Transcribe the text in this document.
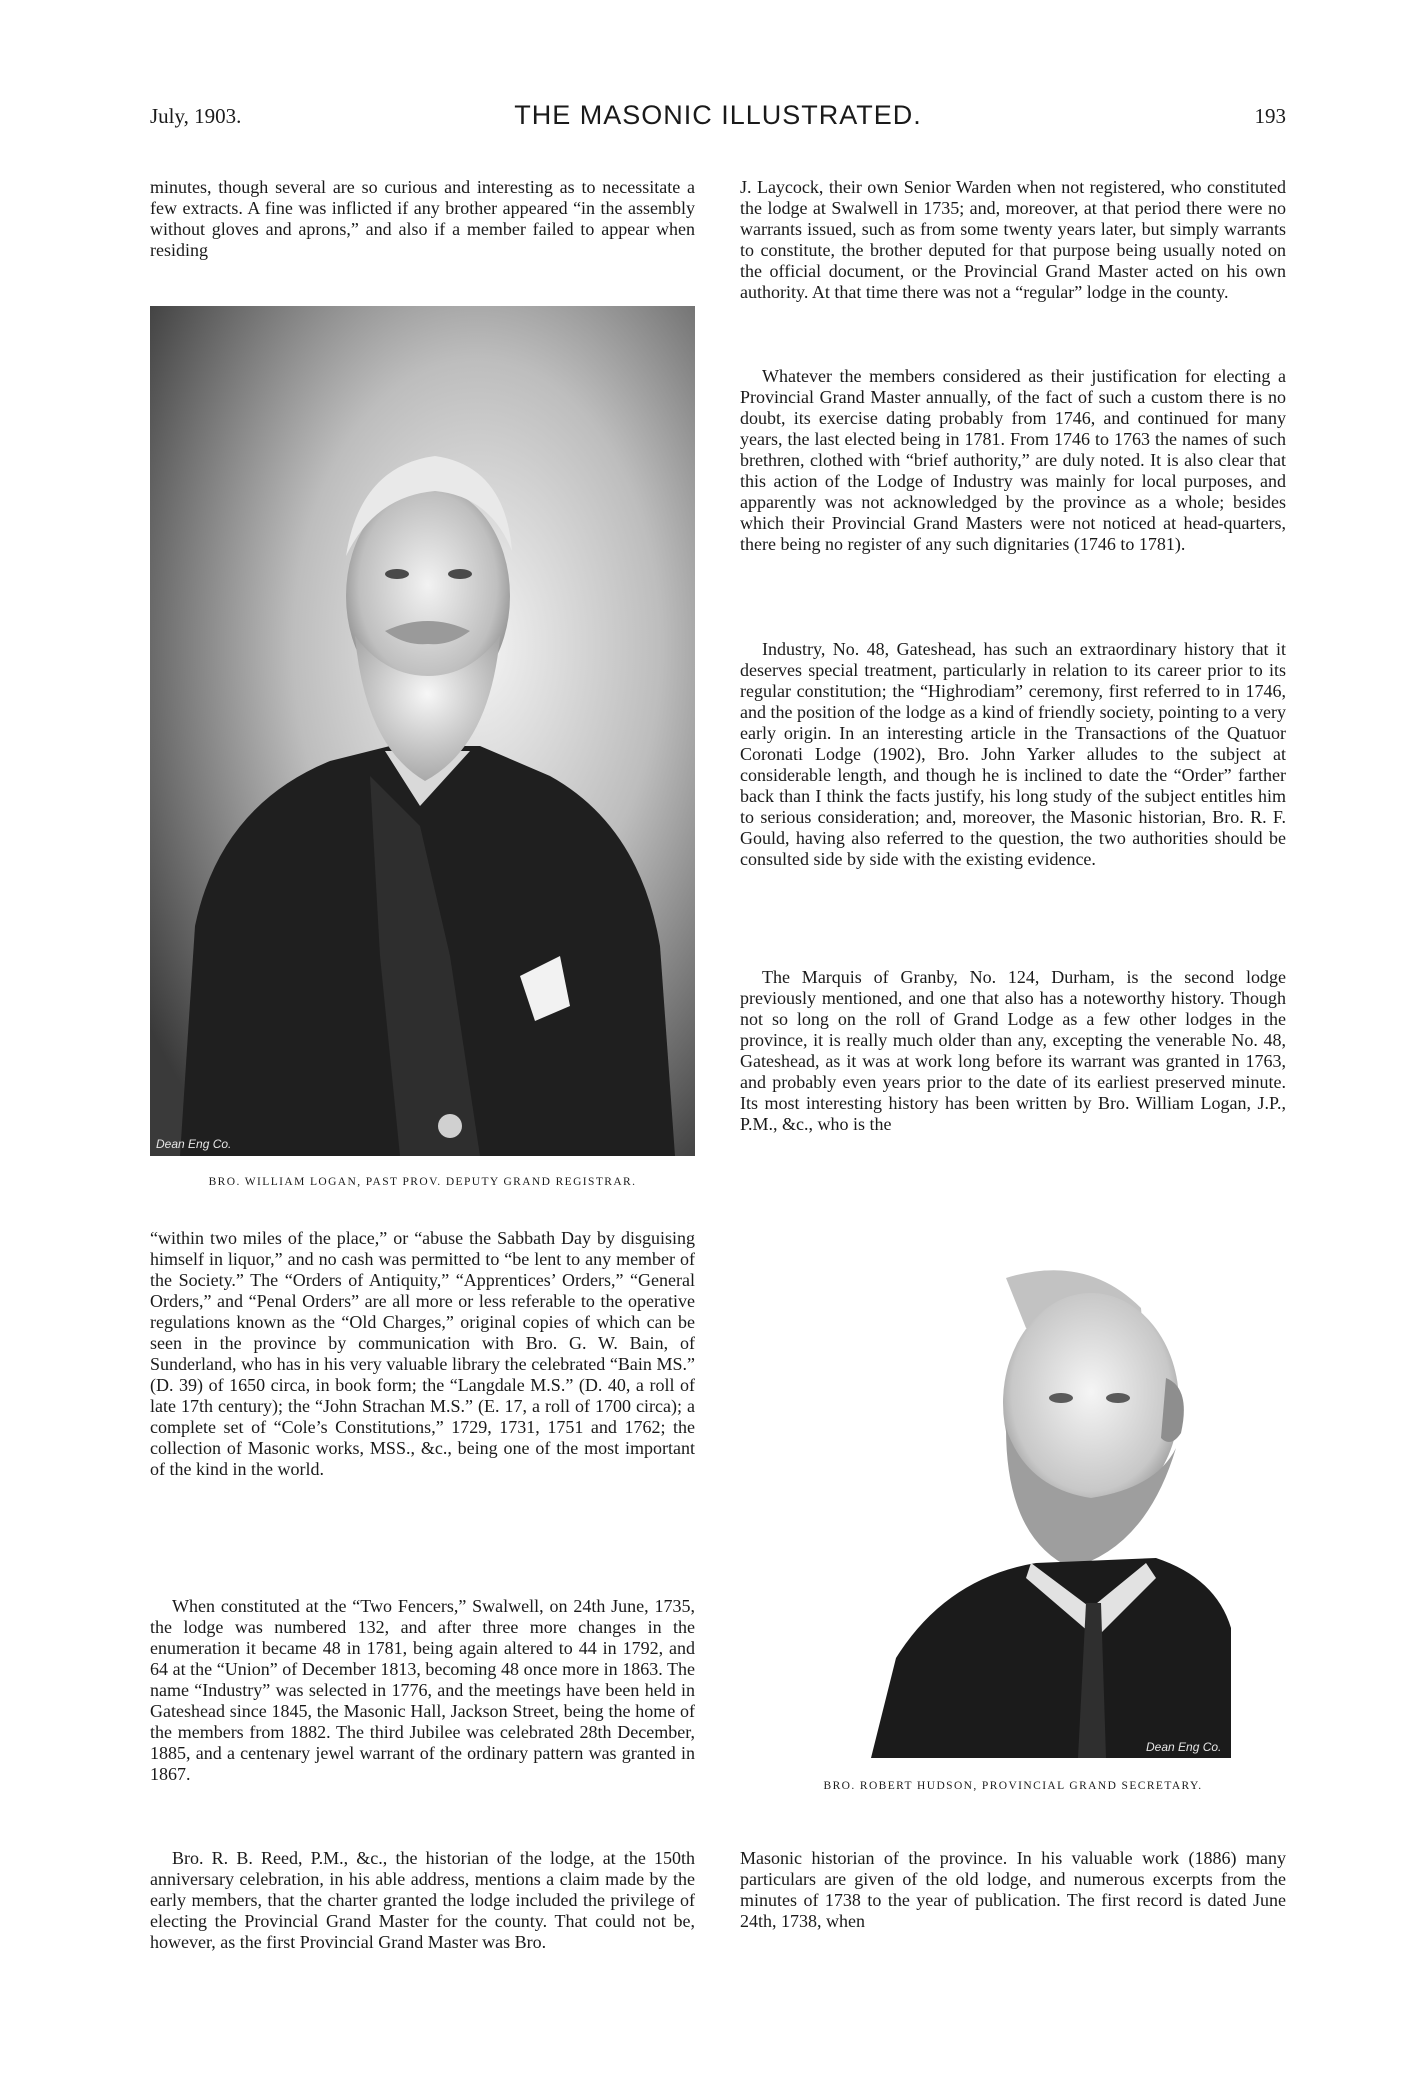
July, 1903.	THE MASONIC ILLUSTRATED.	193

minutes, though several are so curious and interesting as to necessitate a few extracts. A fine was inflicted if any brother appeared “in the assembly without gloves and aprons,” and also if a member failed to appear when residing

Dean Eng Co.
BRO. WILLIAM LOGAN, PAST PROV. DEPUTY GRAND REGISTRAR.

“within two miles of the place,” or “abuse the Sabbath Day by disguising himself in liquor,” and no cash was permitted to “be lent to any member of the Society.” The “Orders of Antiquity,” “Apprentices’ Orders,” “General Orders,” and “Penal Orders” are all more or less referable to the operative regulations known as the “Old Charges,” original copies of which can be seen in the province by communication with Bro. G. W. Bain, of Sunderland, who has in his very valuable library the celebrated “Bain MS.” (D. 39) of 1650 circa, in book form; the “Langdale M.S.” (D. 40, a roll of late 17th century); the “John Strachan M.S.” (E. 17, a roll of 1700 circa); a complete set of “Cole’s Constitutions,” 1729, 1731, 1751 and 1762; the collection of Masonic works, MSS., &c., being one of the most important of the kind in the world.

When constituted at the “Two Fencers,” Swalwell, on 24th June, 1735, the lodge was numbered 132, and after three more changes in the enumeration it became 48 in 1781, being again altered to 44 in 1792, and 64 at the “Union” of December 1813, becoming 48 once more in 1863. The name “Industry” was selected in 1776, and the meetings have been held in Gateshead since 1845, the Masonic Hall, Jackson Street, being the home of the members from 1882. The third Jubilee was celebrated 28th December, 1885, and a centenary jewel warrant of the ordinary pattern was granted in 1867.

Bro. R. B. Reed, P.M., &c., the historian of the lodge, at the 150th anniversary celebration, in his able address, mentions a claim made by the early members, that the charter granted the lodge included the privilege of electing the Provincial Grand Master for the county. That could not be, however, as the first Provincial Grand Master was Bro.

J. Laycock, their own Senior Warden when not registered, who constituted the lodge at Swalwell in 1735; and, moreover, at that period there were no warrants issued, such as from some twenty years later, but simply warrants to constitute, the brother deputed for that purpose being usually noted on the official document, or the Provincial Grand Master acted on his own authority. At that time there was not a “regular” lodge in the county.

Whatever the members considered as their justification for electing a Provincial Grand Master annually, of the fact of such a custom there is no doubt, its exercise dating probably from 1746, and continued for many years, the last elected being in 1781. From 1746 to 1763 the names of such brethren, clothed with “brief authority,” are duly noted. It is also clear that this action of the Lodge of Industry was mainly for local purposes, and apparently was not acknowledged by the province as a whole; besides which their Provincial Grand Masters were not noticed at head-quarters, there being no register of any such dignitaries (1746 to 1781).

Industry, No. 48, Gateshead, has such an extraordinary history that it deserves special treatment, particularly in relation to its career prior to its regular constitution; the “Highrodiam” ceremony, first referred to in 1746, and the position of the lodge as a kind of friendly society, pointing to a very early origin. In an interesting article in the Transactions of the Quatuor Coronati Lodge (1902), Bro. John Yarker alludes to the subject at considerable length, and though he is inclined to date the “Order” farther back than I think the facts justify, his long study of the subject entitles him to serious consideration; and, moreover, the Masonic historian, Bro. R. F. Gould, having also referred to the question, the two authorities should be consulted side by side with the existing evidence.

The Marquis of Granby, No. 124, Durham, is the second lodge previously mentioned, and one that also has a noteworthy history. Though not so long on the roll of Grand Lodge as a few other lodges in the province, it is really much older than any, excepting the venerable No. 48, Gateshead, as it was at work long before its warrant was granted in 1763, and probably even years prior to the date of its earliest preserved minute. Its most interesting history has been written by Bro. William Logan, J.P., P.M., &c., who is the

Dean Eng Co.
BRO. ROBERT HUDSON, PROVINCIAL GRAND SECRETARY.

Masonic historian of the province. In his valuable work (1886) many particulars are given of the old lodge, and numerous excerpts from the minutes of 1738 to the year of publication. The first record is dated June 24th, 1738, when
